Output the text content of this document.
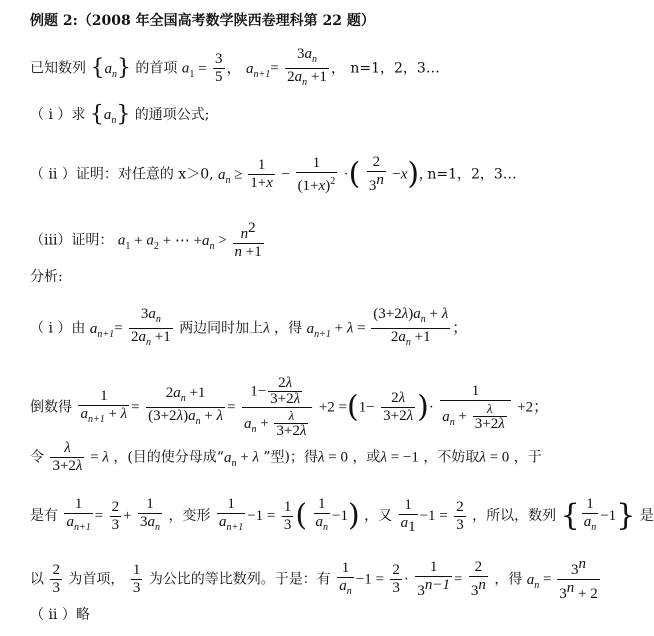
例题 2:（2008 年全国高考数学陕西卷理科第 22 题）
已知数列 $\{a_n\}$ 的首项 $a_1 = \frac{3}{5}$ ， $a_{n+1}= \frac{3a_n}{2a_n +1}$ ， n=1，2，3…
（ i ）求 $\{a_n\}$ 的通项公式;
（ ii ）证明：对任意的 x＞0, $a_n \ge \frac{1}{1+x} - \frac{1}{(1+x)^2}$ ·( $\frac{2}{3^n} -x$), n=1，2，3…
（iii）证明： $a_1 + a_2$ + ⋯ $+a_n > \frac{n^2}{n +1}$
分析:
（ i ）由 $a_{n+1}= \frac{3a_n}{2a_n +1}$ 两边同时加上λ ，得 $a_{n+1} + \lambda = \frac{(3+2\lambda)a_n + \lambda}{2a_n +1}$ ；
倒数得 $\frac{1}{a_{n+1} + \lambda} = \frac{2a_n +1}{(3+2\lambda)a_n + \lambda} = \frac{1- \frac{2\lambda}{3+2\lambda}}{a_n + \frac{\lambda}{3+2\lambda}} +2 =(1- \frac{2\lambda}{3+2\lambda}$ )· $\frac{1}{a_n + \frac{\lambda}{3+2\lambda}} +2$；
令 $\frac{\lambda}{3+2\lambda} = \lambda$ ，(目的使分母成“$a_n + \lambda$ ”型)；得λ = 0 ，或λ = −1 ，不妨取λ = 0 ，于
是有 $\frac{1}{a_{n+1}} = \frac{2}{3} + \frac{1}{3a_n}$ ，变形 $\frac{1}{a_{n+1}} -1 = \frac{1}{3}$ ( $\frac{1}{a_n} -1$) ，又 $\frac{1}{a_1} -1 = \frac{2}{3}$ ，所以，数列 { $\frac{1}{a_n} -1$} 是
以 $\frac{2}{3}$ 为首项， $\frac{1}{3}$ 为公比的等比数列。于是：有 $\frac{1}{a_n} -1 = \frac{2}{3} \cdot \frac{1}{3^{n-1}} = \frac{2}{3^n}$ ，得 $a_n = \frac{3^n}{3^n + 2}$
（ ii ）略
